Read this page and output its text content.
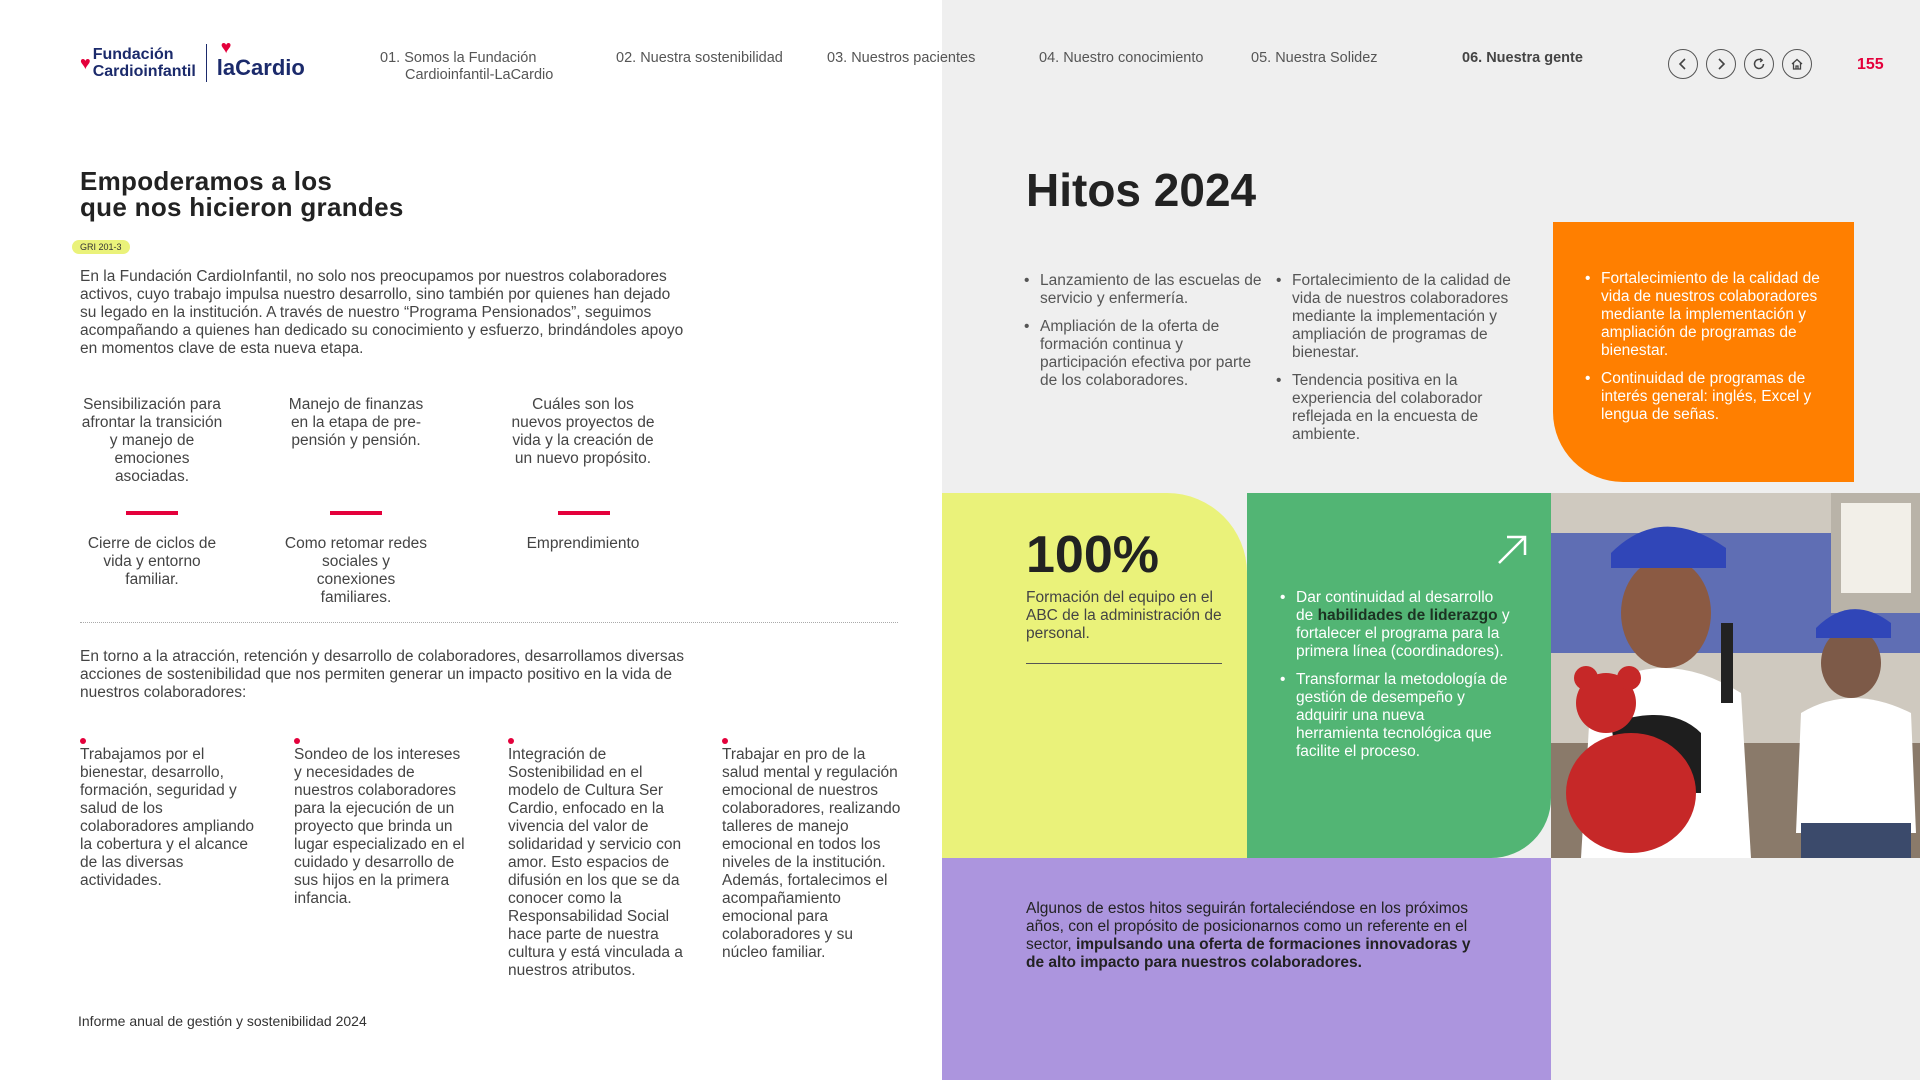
♥ Fundación
Cardioinfantil
♥
laCardio	01. Somos la Fundación
Cardioinfantil-LaCardio
02. Nuestra sostenibilidad	03. Nuestros pacientes	04. Nuestro conocimiento	05. Nuestra Solidez	06. Nuestra gente	155
Empoderamos a los
que nos hicieron grandes
GRI 201-3
En la Fundación CardioInfantil, no solo nos preocupamos por nuestros colaboradores activos, cuyo trabajo impulsa nuestro desarrollo, sino también por quienes han dejado su legado en la institución. A través de nuestro “Programa Pensionados”, seguimos acompañando a quienes han dedicado su conocimiento y esfuerzo, brindándoles apoyo en momentos clave de esta nueva etapa.
Sensibilización para afrontar la transición y manejo de emociones asociadas.
Manejo de finanzas en la etapa de pre-pensión y pensión.
Cuáles son los nuevos proyectos de vida y la creación de un nuevo propósito.
Cierre de ciclos de vida y entorno familiar.
Como retomar redes sociales y conexiones familiares.
Emprendimiento
En torno a la atracción, retención y desarrollo de colaboradores, desarrollamos diversas acciones de sostenibilidad que nos permiten generar un impacto positivo en la vida de nuestros colaboradores:
Trabajamos por el bienestar, desarrollo, formación, seguridad y salud de los colaboradores ampliando la cobertura y el alcance de las diversas actividades.
Sondeo de los intereses y necesidades de nuestros colaboradores para la ejecución de un proyecto que brinda un lugar especializado en el cuidado y desarrollo de sus hijos en la primera infancia.
Integración de Sostenibilidad en el modelo de Cultura Ser Cardio, enfocado en la vivencia del valor de solidaridad y servicio con amor. Esto espacios de difusión en los que se da conocer como la Responsabilidad Social hace parte de nuestra cultura y está vinculada a nuestros atributos.
Trabajar en pro de la salud mental y regulación emocional de nuestros colaboradores, realizando talleres de manejo emocional en todos los niveles de la institución. Además, fortalecimos el acompañamiento emocional para colaboradores y su núcleo familiar.
Informe anual de gestión y sostenibilidad 2024
Hitos 2024
• Lanzamiento de las escuelas de servicio y enfermería.
• Ampliación de la oferta de formación continua y participación efectiva por parte de los colaboradores.
• Fortalecimiento de la calidad de vida de nuestros colaboradores mediante la implementación y ampliación de programas de bienestar.
• Tendencia positiva en la experiencia del colaborador reflejada en la encuesta de ambiente.
• Fortalecimiento de la calidad de vida de nuestros colaboradores mediante la implementación y ampliación de programas de bienestar.
• Continuidad de programas de interés general: inglés, Excel y lengua de señas.
100%
Formación del equipo en el ABC de la administración de personal.
• Dar continuidad al desarrollo de habilidades de liderazgo y fortalecer el programa para la primera línea (coordinadores).
• Transformar la metodología de gestión de desempeño y adquirir una nueva herramienta tecnológica que facilite el proceso.
Algunos de estos hitos seguirán fortaleciéndose en los próximos años, con el propósito de posicionarnos como un referente en el sector, impulsando una oferta de formaciones innovadoras y de alto impacto para nuestros colaboradores.
